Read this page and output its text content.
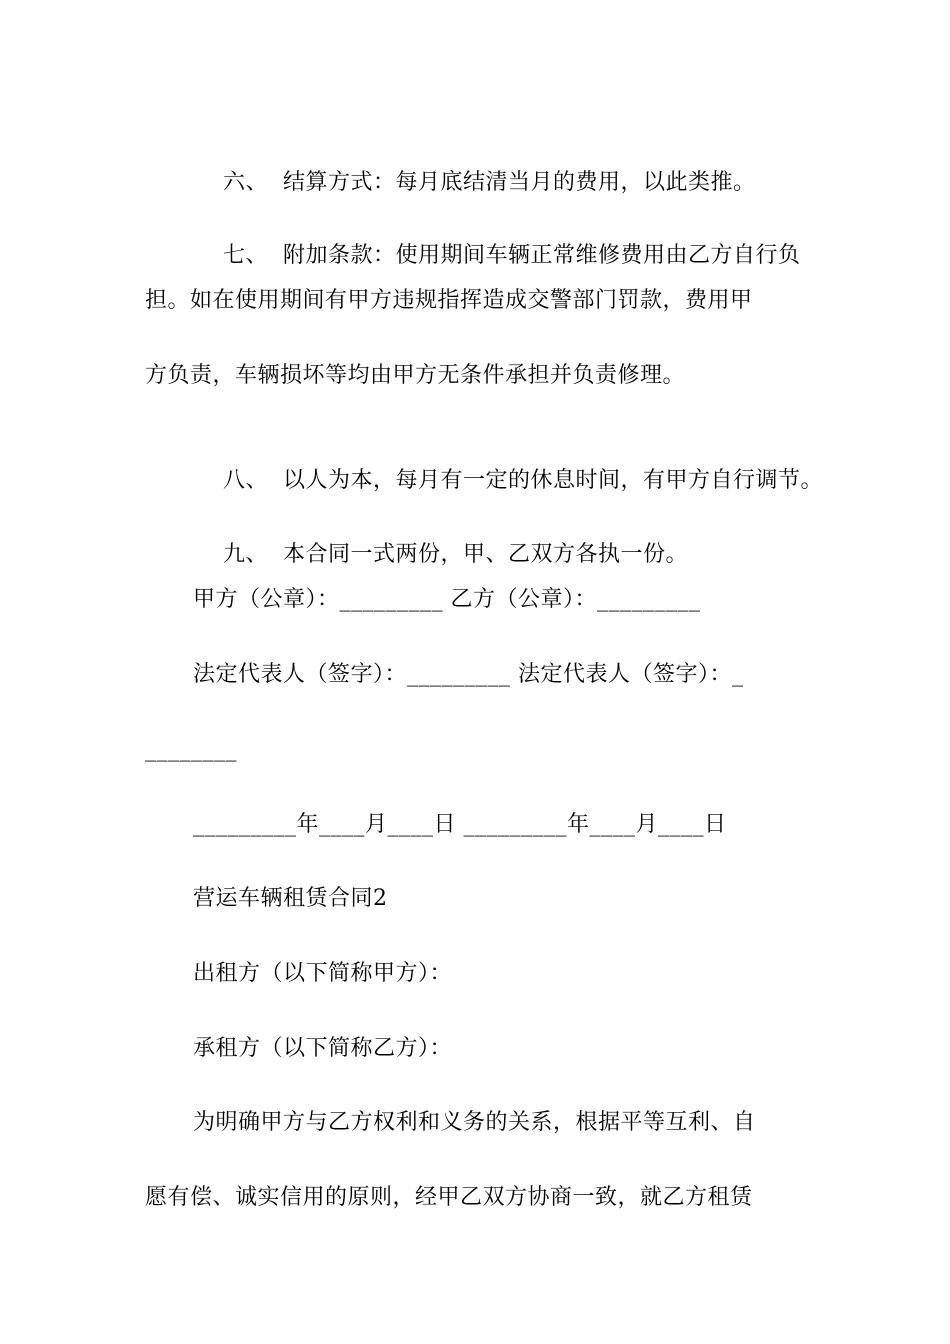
六、 结算方式：每月底结清当月的费用，以此类推。

七、 附加条款：使用期间车辆正常维修费用由乙方自行负

担。如在使用期间有甲方违规指挥造成交警部门罚款，费用甲
方负责，车辆损坏等均由甲方无条件承担并负责修理。

八、 以人为本，每月有一定的休息时间，有甲方自行调节。

九、 本合同一式两份，甲、乙双方各执一份。

甲方（公章）：_________ 乙方（公章）：_________
法定代表人（签字）：_________ 法定代表人（签字）：_
________
_________年____月____日 _________年____月____日
营运车辆租赁合同2
出租方（以下简称甲方）：
承租方（以下简称乙方）：
为明确甲方与乙方权利和义务的关系，根据平等互利、自
愿有偿、诚实信用的原则，经甲乙双方协商一致，就乙方租赁
